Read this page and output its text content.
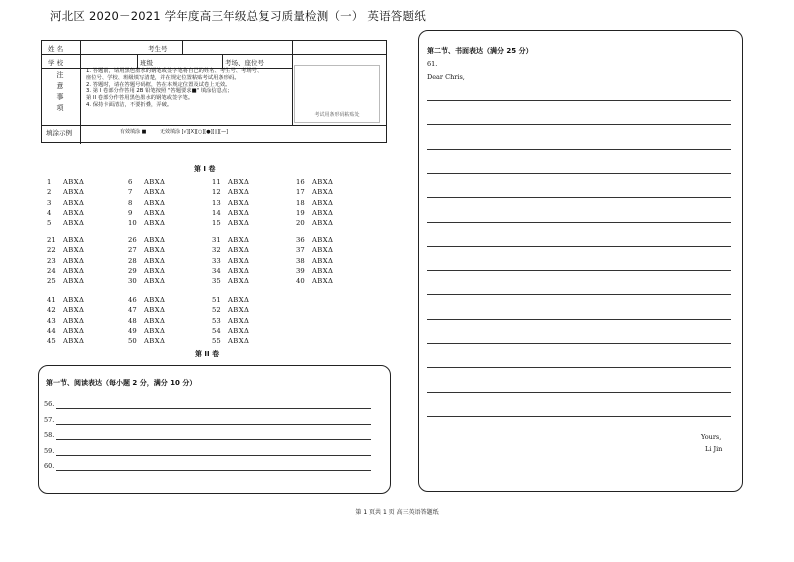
河北区 2020－2021 学年度高三年级总复习质量检测（一） 英语答题纸
姓 名	考生号
学 校	班级	考场、座位号
注
意
事
项
1. 答题前，请用黑色墨水的钢笔或签字笔将自己的姓名、考生号、考场号、
座位号、学校、班级填写清楚，并在规定位置粘贴考试用条形码。
2. 答题时，请在答题号码框，答在本规定位置及试卷上无效。
3. 第 I 卷部分作答用 2B 铅笔按照 "答题要求■" 填涂信息点；
第 II 卷部分作答用黑色墨水的钢笔或签字笔。
4. 保持卡面清洁，不要折叠，弄破。
考试用条形码粘贴处
填涂示例	有效填涂 ■	无效填涂 [√][X][○][●][▯][—]
第 I 卷
1 ABXΔ
2 ABXΔ
3 ABXΔ
4 ABXΔ
5 ABXΔ
6 ABXΔ
7 ABXΔ
8 ABXΔ
9 ABXΔ
10 ABXΔ
11 ABXΔ
12 ABXΔ
13 ABXΔ
14 ABXΔ
15 ABXΔ
16 ABXΔ
17 ABXΔ
18 ABXΔ
19 ABXΔ
20 ABXΔ
21 ABXΔ
22 ABXΔ
23 ABXΔ
24 ABXΔ
25 ABXΔ
26 ABXΔ
27 ABXΔ
28 ABXΔ
29 ABXΔ
30 ABXΔ
31 ABXΔ
32 ABXΔ
33 ABXΔ
34 ABXΔ
35 ABXΔ
36 ABXΔ
37 ABXΔ
38 ABXΔ
39 ABXΔ
40 ABXΔ
41 ABXΔ
42 ABXΔ
43 ABXΔ
44 ABXΔ
45 ABXΔ
46 ABXΔ
47 ABXΔ
48 ABXΔ
49 ABXΔ
50 ABXΔ
51 ABXΔ
52 ABXΔ
53 ABXΔ
54 ABXΔ
55 ABXΔ
第 II 卷
第一节、阅读表达（每小题 2 分，满分 10 分）
56.
57.
58.
59.
60.
第二节、书面表达（满分 25 分）
61.
Dear Chris,
Yours,
Li Jin
第 1 页共 1 页 高三英语答题纸
